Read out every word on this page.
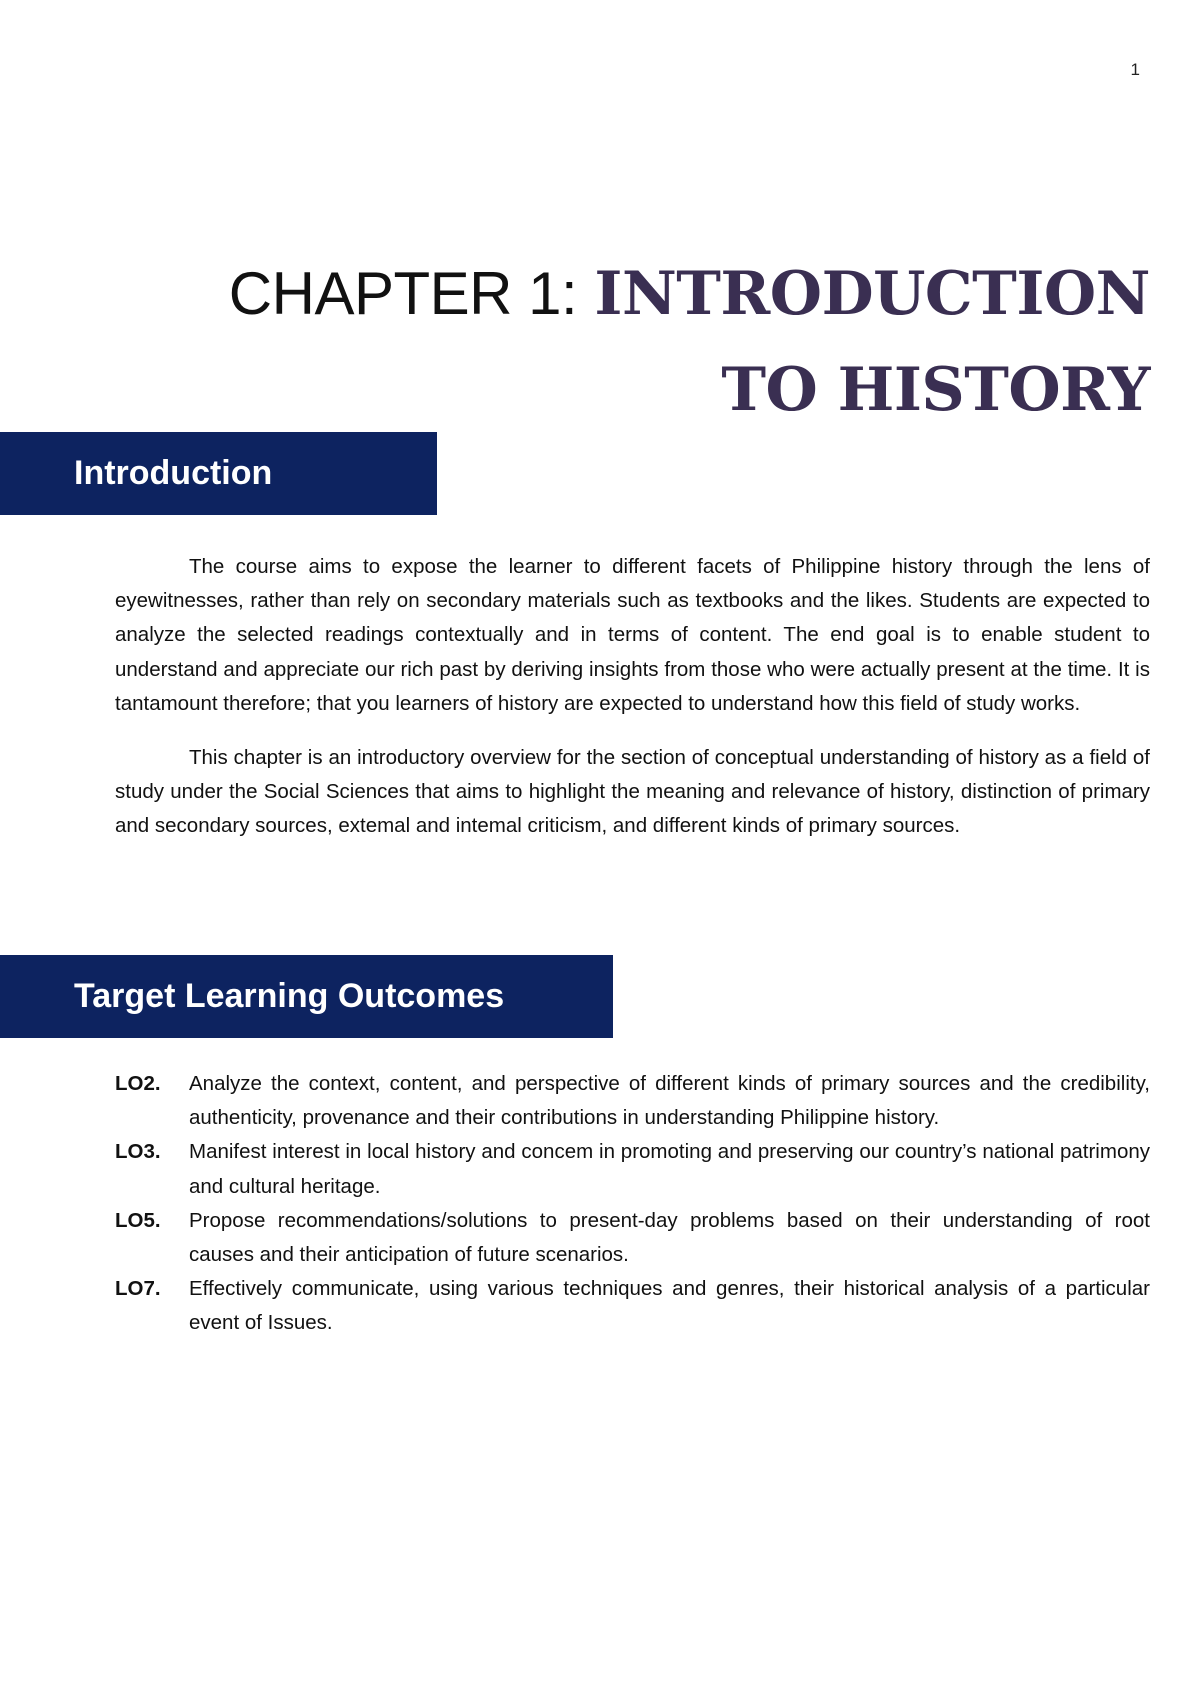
1
CHAPTER 1: INTRODUCTION TO HISTORY
Introduction

The course aims to expose the learner to different facets of Philippine history through the lens of eyewitnesses, rather than rely on secondary materials such as textbooks and the likes. Students are expected to analyze the selected readings contextually and in terms of content. The end goal is to enable student to understand and appreciate our rich past by deriving insights from those who were actually present at the time. It is tantamount therefore; that you learners of history are expected to understand how this field of study works.

This chapter is an introductory overview for the section of conceptual understanding of history as a field of study under the Social Sciences that aims to highlight the meaning and relevance of history, distinction of primary and secondary sources, extemal and intemal criticism, and different kinds of primary sources.

Target Learning Outcomes
LO2.	Analyze the context, content, and perspective of different kinds of primary sources and the credibility, authenticity, provenance and their contributions in understanding Philippine history.
LO3.	Manifest interest in local history and concem in promoting and preserving our country’s national patrimony and cultural heritage.
LO5.	Propose recommendations/solutions to present-day problems based on their understanding of root causes and their anticipation of future scenarios.
LO7.	Effectively communicate, using various techniques and genres, their historical analysis of a particular event of Issues.
